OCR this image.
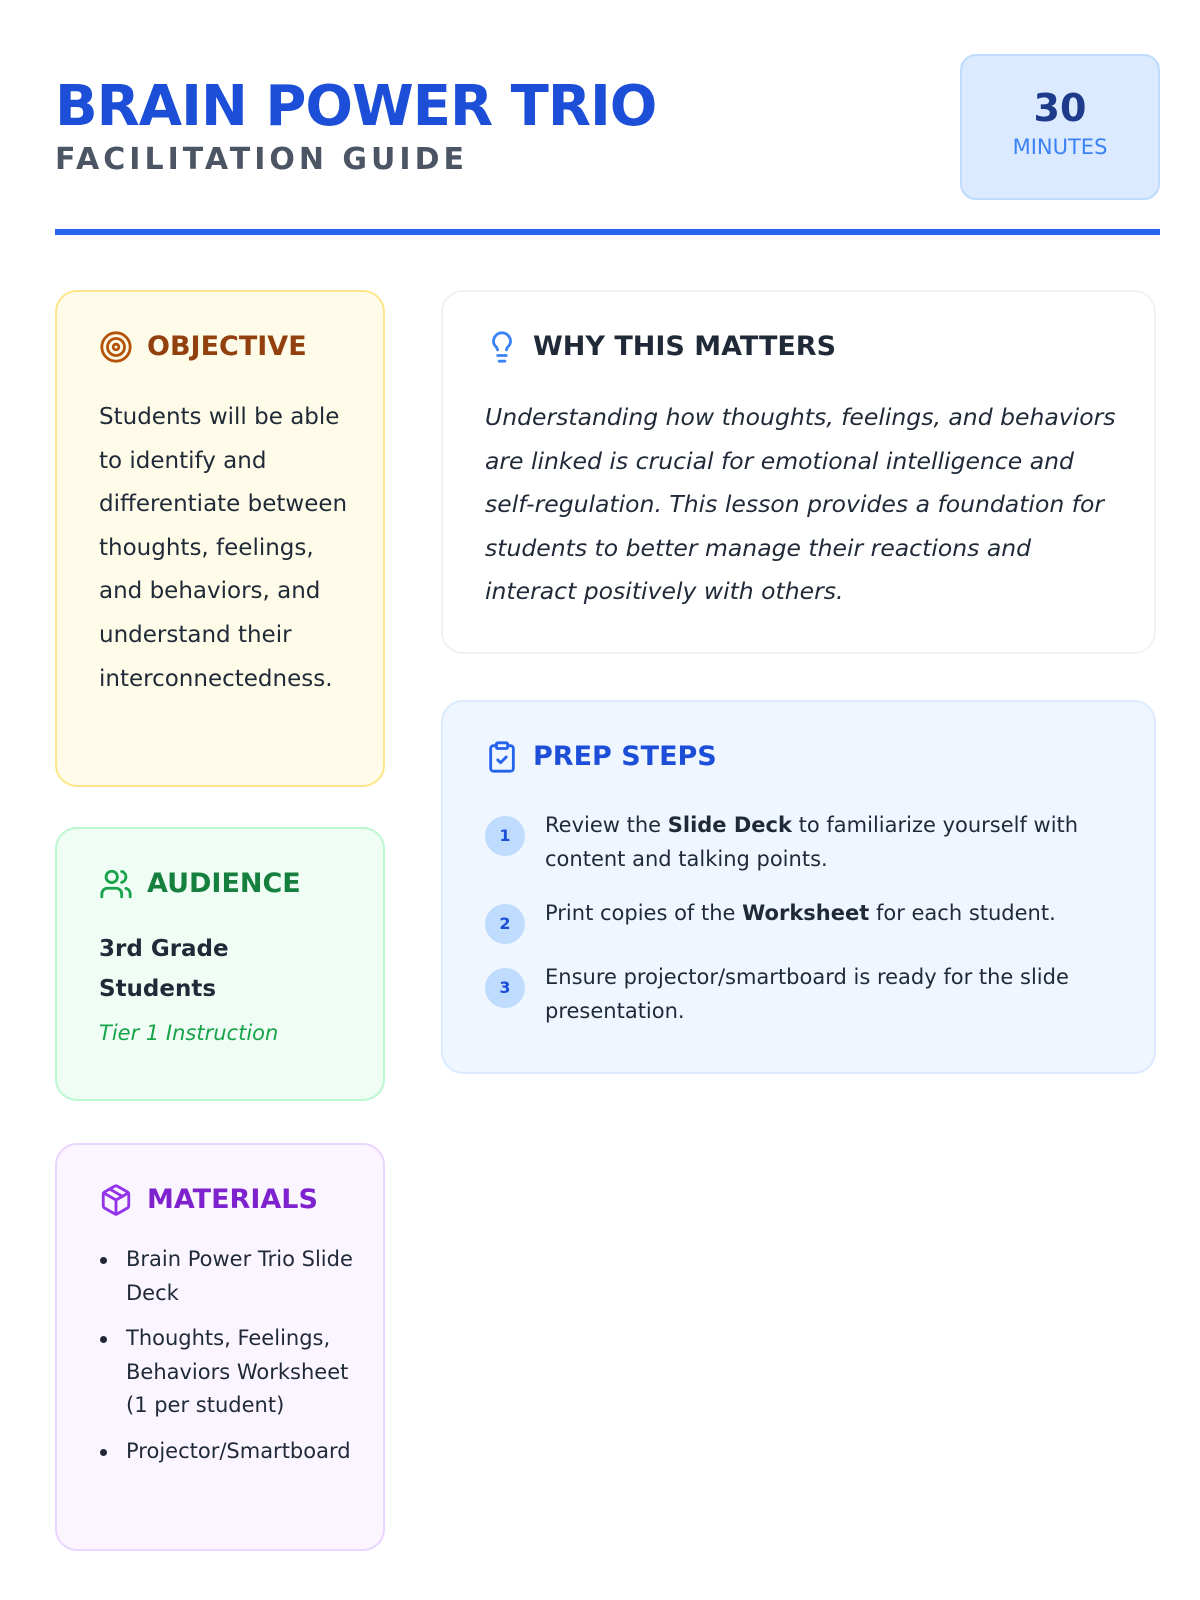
BRAIN POWER TRIO
FACILITATION GUIDE
30
MINUTES
OBJECTIVE

Students will be able to identify and differentiate between thoughts, feelings, and behaviors, and understand their interconnectedness.

AUDIENCE
3rd Grade Students
Tier 1 Instruction
MATERIALS
Brain Power Trio Slide Deck
Thoughts, Feelings, Behaviors Worksheet (1 per student)
Projector/Smartboard
WHY THIS MATTERS

Understanding how thoughts, feelings, and behaviors are linked is crucial for emotional intelligence and self-regulation. This lesson provides a foundation for students to better manage their reactions and interact positively with others.

PREP STEPS
1	Review the Slide Deck to familiarize yourself with content and talking points.
2	Print copies of the Worksheet for each student.
3	Ensure projector/smartboard is ready for the slide presentation.
